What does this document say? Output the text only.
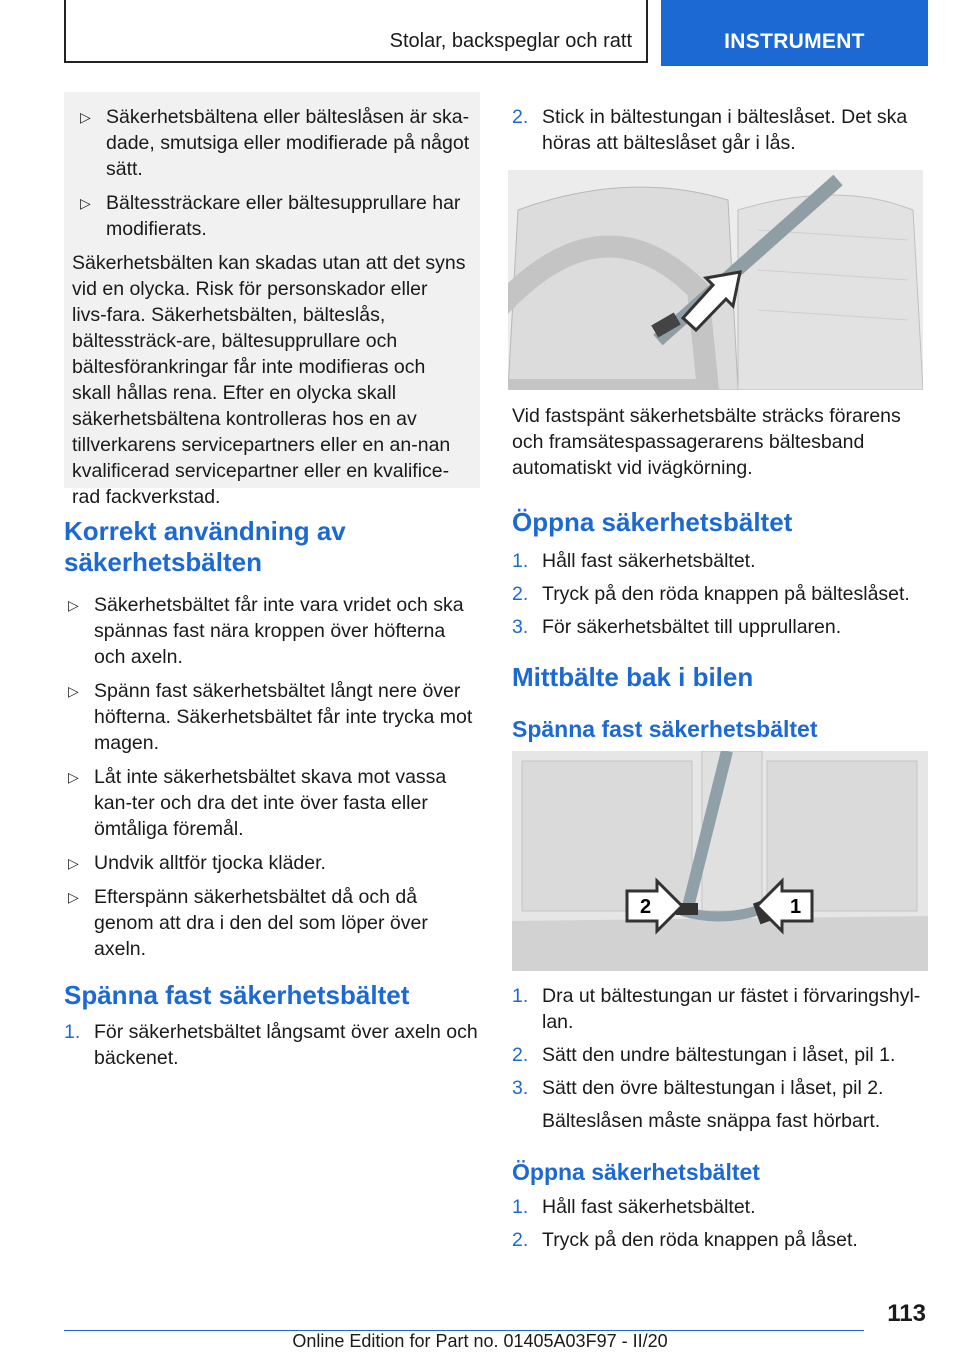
Stolar, backspeglar och ratt	INSTRUMENT
▷ Säkerhetsbältena eller bälteslåsen är ska-dade, smutsiga eller modifierade på något sätt.
▷ Bältessträckare eller bältesupprullare har modifierats.

Säkerhetsbälten kan skadas utan att det syns vid en olycka. Risk för personskador eller livs-fara. Säkerhetsbälten, bälteslås, bältessträck-are, bältesupprullare och bältesförankringar får inte modifieras och skall hållas rena. Efter en olycka skall säkerhetsbältena kontrolleras hos en av tillverkarens servicepartners eller en an-nan kvalificerad servicepartner eller en kvalifice-rad fackverkstad.

Korrekt användning av säkerhetsbälten
▷ Säkerhetsbältet får inte vara vridet och ska spännas fast nära kroppen över höfterna och axeln.
▷ Spänn fast säkerhetsbältet långt nere över höfterna. Säkerhetsbältet får inte trycka mot magen.
▷ Låt inte säkerhetsbältet skava mot vassa kan-ter och dra det inte över fasta eller ömtåliga föremål.
▷ Undvik alltför tjocka kläder.
▷ Efterspänn säkerhetsbältet då och då genom att dra i den del som löper över axeln.
Spänna fast säkerhetsbältet
1. För säkerhetsbältet långsamt över axeln och bäckenet.
2. Stick in bältestungan i bälteslåset. Det ska höras att bälteslåset går i lås.

Vid fastspänt säkerhetsbälte sträcks förarens och framsätespassagerarens bältesband automatiskt vid ivägkörning.

Öppna säkerhetsbältet
1. Håll fast säkerhetsbältet.
2. Tryck på den röda knappen på bälteslåset.
3. För säkerhetsbältet till upprullaren.
Mittbälte bak i bilen
Spänna fast säkerhetsbältet
2	1
1. Dra ut bältestungan ur fästet i förvaringshyl-lan.
2. Sätt den undre bältestungan i låset, pil 1.
3. Sätt den övre bältestungan i låset, pil 2.

Bälteslåsen måste snäppa fast hörbart.

Öppna säkerhetsbältet
1. Håll fast säkerhetsbältet.
2. Tryck på den röda knappen på låset.
113
Online Edition for Part no. 01405A03F97 - II/20
